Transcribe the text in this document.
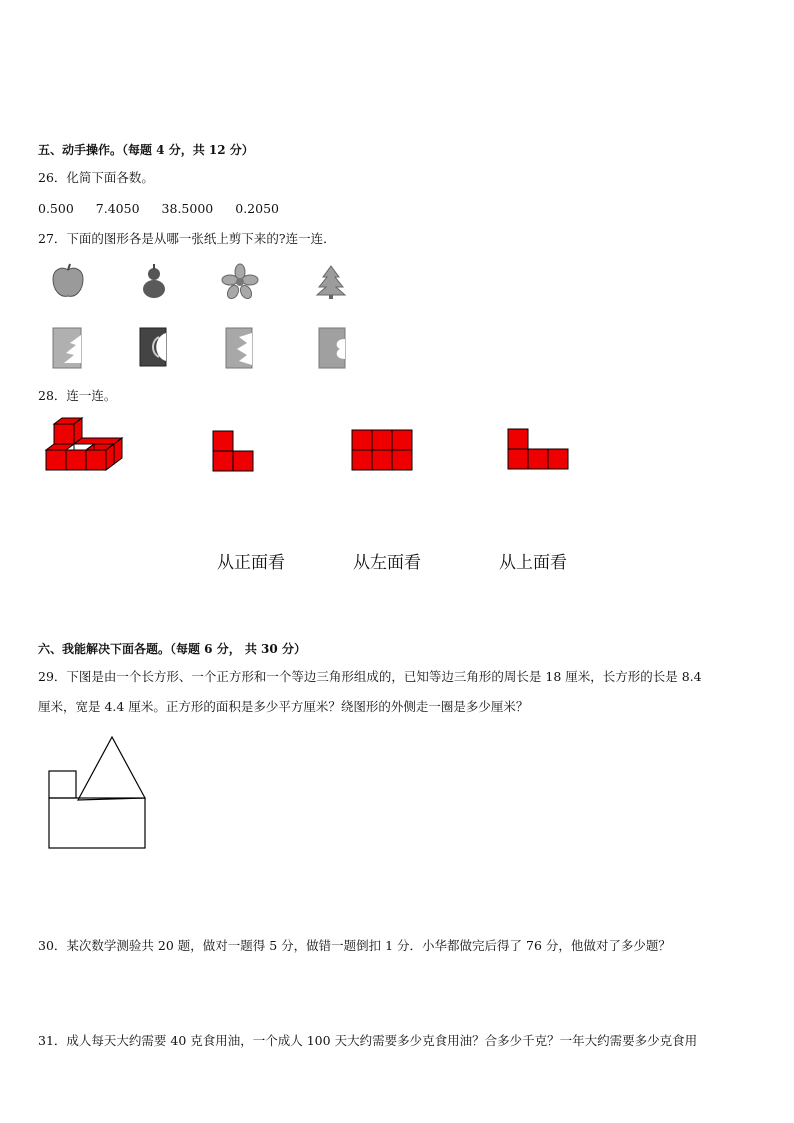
五、动手操作。（每题 4 分，共 12 分）
26．化简下面各数。
0.500 7.4050 38.5000 0.2050
27．下面的图形各是从哪一张纸上剪下来的?连一连．
28．连一连。
从正面看	从左面看	从上面看
六、我能解决下面各题。（每题 6 分， 共 30 分）
29．下图是由一个长方形、一个正方形和一个等边三角形组成的，已知等边三角形的周长是 18 厘米，长方形的长是 8.4
厘米，宽是 4.4 厘米。正方形的面积是多少平方厘米？绕图形的外侧走一圈是多少厘米？
30．某次数学测验共 20 题，做对一题得 5 分，做错一题倒扣 1 分．小华都做完后得了 76 分，他做对了多少题？
31．成人每天大约需要 40 克食用油，一个成人 100 天大约需要多少克食用油？合多少千克？一年大约需要多少克食用
